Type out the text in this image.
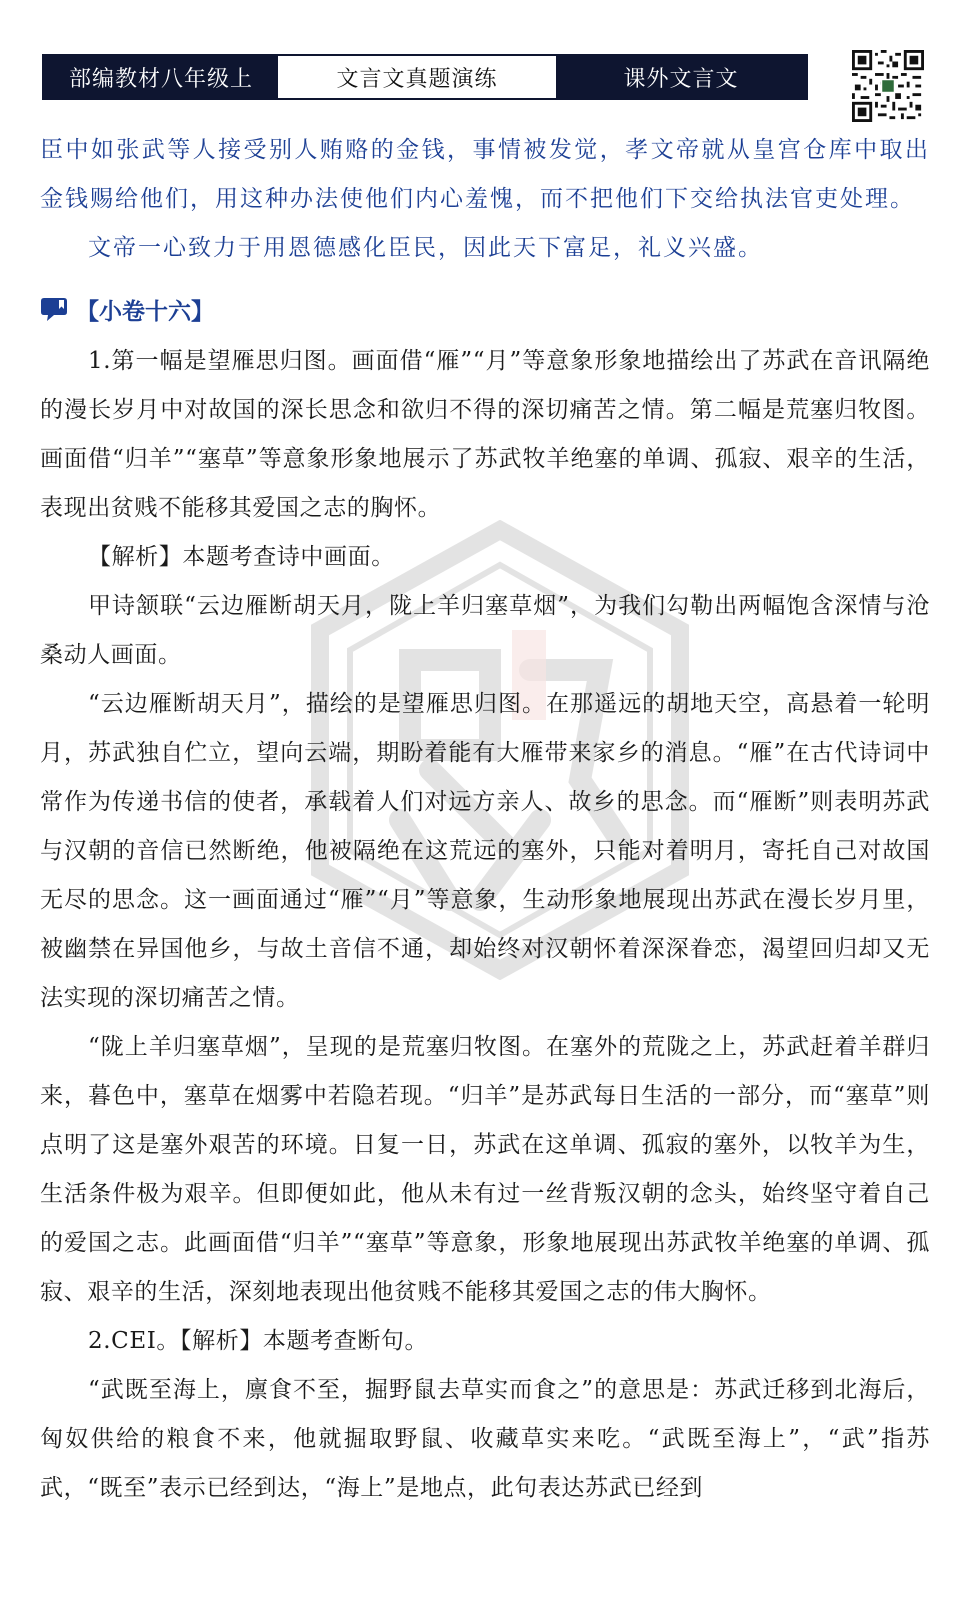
部编教材八年级上	文言文真题演练	课外文言文

臣中如张武等人接受别人贿赂的金钱，事情被发觉，孝文帝就从皇宫仓库中取出金钱赐给他们，用这种办法使他们内心羞愧，而不把他们下交给执法官吏处理。

文帝一心致力于用恩德感化臣民，因此天下富足，礼义兴盛。

【小卷十六】

1.第一幅是望雁思归图。画面借“雁”“月”等意象形象地描绘出了苏武在音讯隔绝的漫长岁月中对故国的深长思念和欲归不得的深切痛苦之情。第二幅是荒塞归牧图。画面借“归羊”“塞草”等意象形象地展示了苏武牧羊绝塞的单调、孤寂、艰辛的生活，表现出贫贱不能移其爱国之志的胸怀。

【解析】本题考查诗中画面。

甲诗颔联“云边雁断胡天月，陇上羊归塞草烟”，为我们勾勒出两幅饱含深情与沧桑动人画面。

“云边雁断胡天月”，描绘的是望雁思归图。在那遥远的胡地天空，高悬着一轮明月，苏武独自伫立，望向云端，期盼着能有大雁带来家乡的消息。“雁”在古代诗词中常作为传递书信的使者，承载着人们对远方亲人、故乡的思念。而“雁断”则表明苏武与汉朝的音信已然断绝，他被隔绝在这荒远的塞外，只能对着明月，寄托自己对故国无尽的思念。这一画面通过“雁”“月”等意象，生动形象地展现出苏武在漫长岁月里，被幽禁在异国他乡，与故土音信不通，却始终对汉朝怀着深深眷恋，渴望回归却又无法实现的深切痛苦之情。

“陇上羊归塞草烟”，呈现的是荒塞归牧图。在塞外的荒陇之上，苏武赶着羊群归来，暮色中，塞草在烟雾中若隐若现。“归羊”是苏武每日生活的一部分，而“塞草”则点明了这是塞外艰苦的环境。日复一日，苏武在这单调、孤寂的塞外，以牧羊为生，生活条件极为艰辛。但即便如此，他从未有过一丝背叛汉朝的念头，始终坚守着自己的爱国之志。此画面借“归羊”“塞草”等意象，形象地展现出苏武牧羊绝塞的单调、孤寂、艰辛的生活，深刻地表现出他贫贱不能移其爱国之志的伟大胸怀。

2.CEI。【解析】本题考查断句。

“武既至海上，廪食不至，掘野鼠去草实而食之”的意思是：苏武迁移到北海后，匈奴供给的粮食不来，他就掘取野鼠、收藏草实来吃。“武既至海上”，“武”指苏武，“既至”表示已经到达，“海上”是地点，此句表达苏武已经到
